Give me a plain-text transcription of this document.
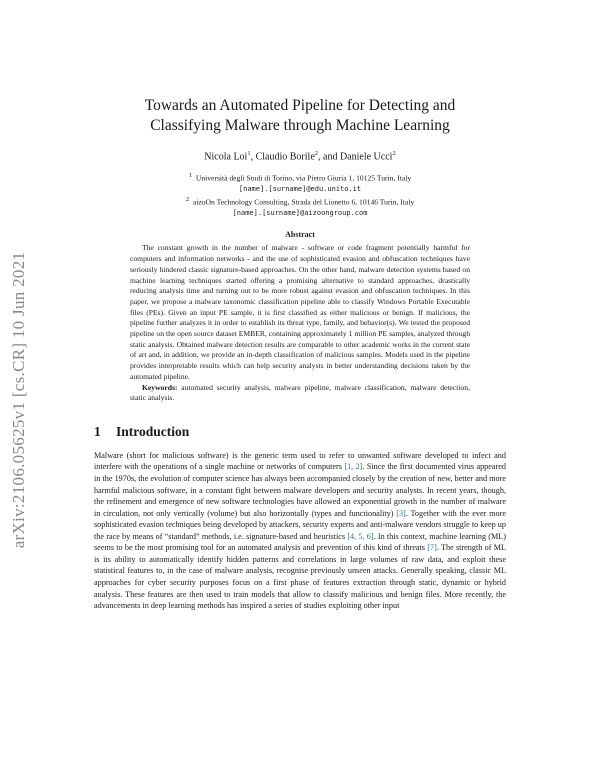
arXiv:2106.05625v1 [cs.CR] 10 Jun 2021
Towards an Automated Pipeline for Detecting and
Classifying Malware through Machine Learning
Nicola Loi$^1$, Claudio Borile$^2$, and Daniele Ucci$^2$
$^1$ Università degli Studi di Torino, via Pietro Giuria 1, 10125 Turin, Italy
[name].[surname]@edu.unito.it
$^2$ aizoOn Technology Consulting, Strada del Lionetto 6, 10146 Turin, Italy
[name].[surname]@aizoongroup.com
Abstract

The constant growth in the number of malware - software or code fragment potentially harmful for computers and information networks - and the use of sophisticated evasion and obfuscation techniques have seriously hindered classic signature-based approaches. On the other hand, malware detection systems based on machine learning techniques started offering a promising alternative to standard approaches, drastically reducing analysis time and turning out to be more robust against evasion and obfuscation techniques. In this paper, we propose a malware taxonomic classification pipeline able to classify Windows Portable Executable files (PEs). Given an input PE sample, it is first classified as either malicious or benign. If malicious, the pipeline further analyzes it in order to establish its threat type, family, and behavior(s). We tested the proposed pipeline on the open source dataset EMBER, containing approximately 1 million PE samples, analyzed through static analysis. Obtained malware detection results are comparable to other academic works in the current state of art and, in addition, we provide an in-depth classification of malicious samples. Models used in the pipeline provides interpretable results which can help security analysts in better understanding decisions taken by the automated pipeline.

Keywords: automated security analysis, malware pipeline, malware classification, malware detection, static analysis.

1 Introduction

Malware (short for malicious software) is the generic term used to refer to unwanted software developed to infect and interfere with the operations of a single machine or networks of computers [1, 2]. Since the first documented virus appeared in the 1970s, the evolution of computer science has always been accompanied closely by the creation of new, better and more harmful malicious software, in a constant fight between malware developers and security analysts. In recent years, though, the refinement and emergence of new software technologies have allowed an exponential growth in the number of malware in circulation, not only vertically (volume) but also horizontally (types and functionality) [3]. Together with the ever more sophisticated evasion techniques being developed by attackers, security experts and anti-malware vendors struggle to keep up the race by means of “standard” methods, i.e. signature-based and heuristics [4, 5, 6]. In this context, machine learning (ML) seems to be the most promising tool for an automated analysis and prevention of this kind of threats [7]. The strength of ML is its ability to automatically identify hidden patterns and correlations in large volumes of raw data, and exploit these statistical features to, in the case of malware analysis, recognise previously unseen attacks. Generally speaking, classic ML approaches for cyber security purposes focus on a first phase of features extraction through static, dynamic or hybrid analysis. These features are then used to train models that allow to classify malicious and benign files. More recently, the advancements in deep learning methods has inspired a series of studies exploiting other input
